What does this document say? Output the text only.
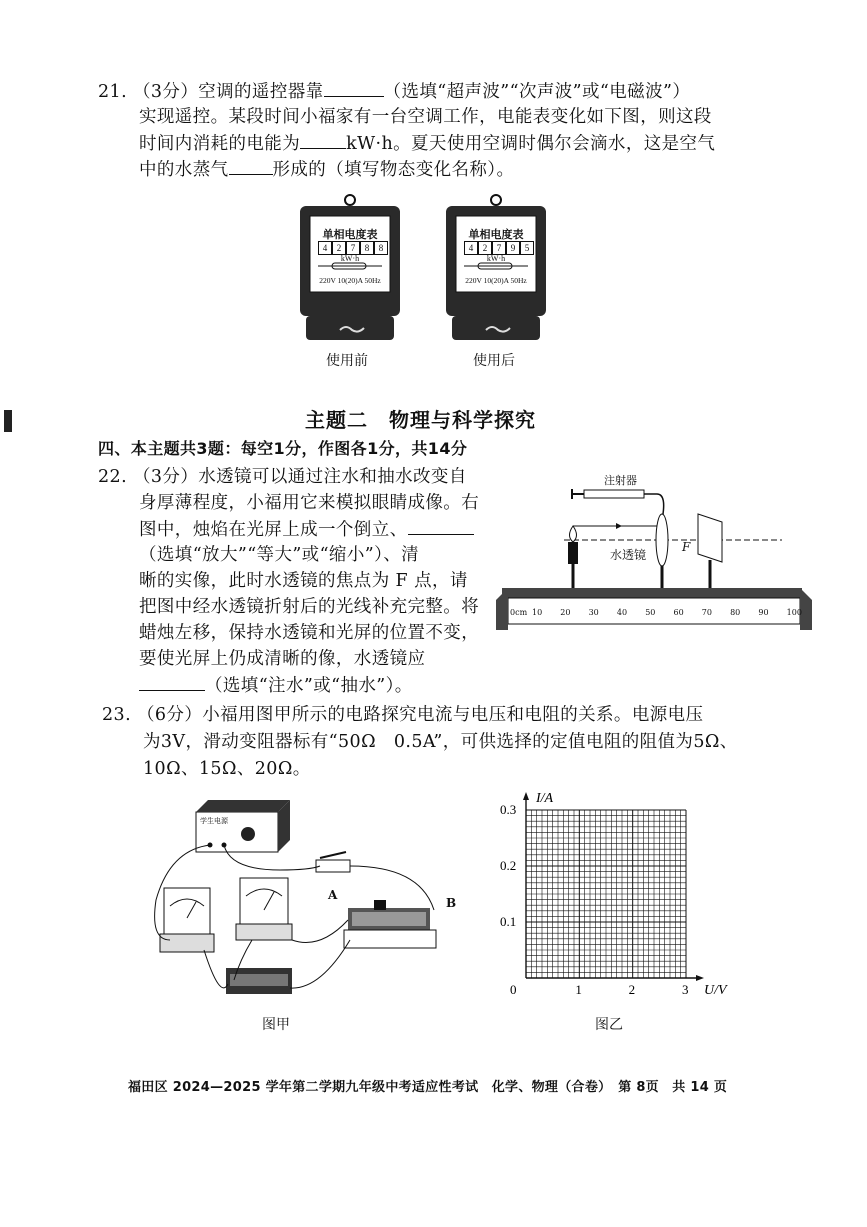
21. （3分）空调的遥控器靠	（选填“超声波”“次声波”或“电磁波”）
实现遥控。某段时间小福家有一台空调工作，电能表变化如下图，则这段
时间内消耗的电能为	kW·h。夏天使用空调时偶尔会滴水，这是空气
中的水蒸气	形成的（填写物态变化名称）。
单相电度表
4	2	7	8	8
kW·h
220V 10(20)A 50Hz
使用前
单相电度表
4	2	7	9	5
kW·h
220V 10(20)A 50Hz
使用后
主题二　物理与科学探究
四、本主题共3题：每空1分，作图各1分，共14分
22. （3分）水透镜可以通过注水和抽水改变自
身厚薄程度，小福用它来模拟眼睛成像。右
图中，烛焰在光屏上成一个倒立、
（选填“放大”“等大”或“缩小”）、清
晰的实像，此时水透镜的焦点为 F 点，请
把图中经水透镜折射后的光线补充完整。将
蜡烛左移，保持水透镜和光屏的位置不变，
要使光屏上仍成清晰的像，水透镜应
（选填“注水”或“抽水”）。
注射器
水透镜
F
0cm 10 20 30 40 50 60 70 80 90 100
23. （6分）小福用图甲所示的电路探究电流与电压和电阻的关系。电源电压
为3V，滑动变阻器标有“50Ω　0.5A”，可供选择的定值电阻的阻值为5Ω、
10Ω、15Ω、20Ω。
A
B
学生电源
图甲
0	1	2	3
0.1
0.2
0.3
U/V
I/A
图乙
福田区 2024—2025 学年第二学期九年级中考适应性考试　化学、物理（合卷）　第 8页　共 14 页
